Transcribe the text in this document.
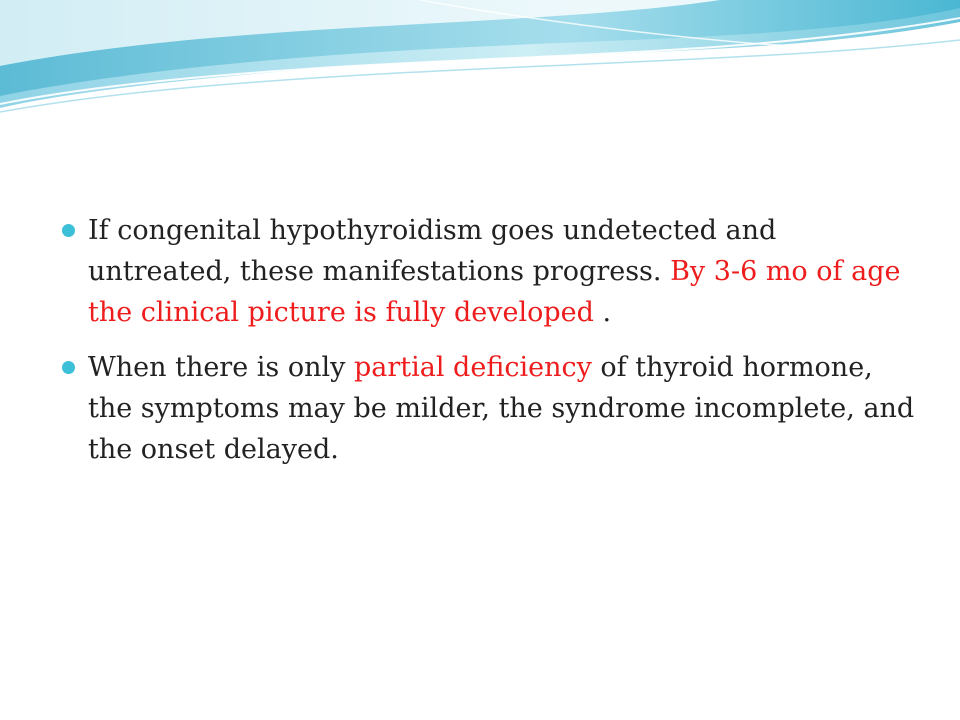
If congenital hypothyroidism goes undetected and untreated, these manifestations progress. By 3-6 mo of age the clinical picture is fully developed .
When there is only partial deficiency of thyroid hormone, the symptoms may be milder, the syndrome incomplete, and the onset delayed.
